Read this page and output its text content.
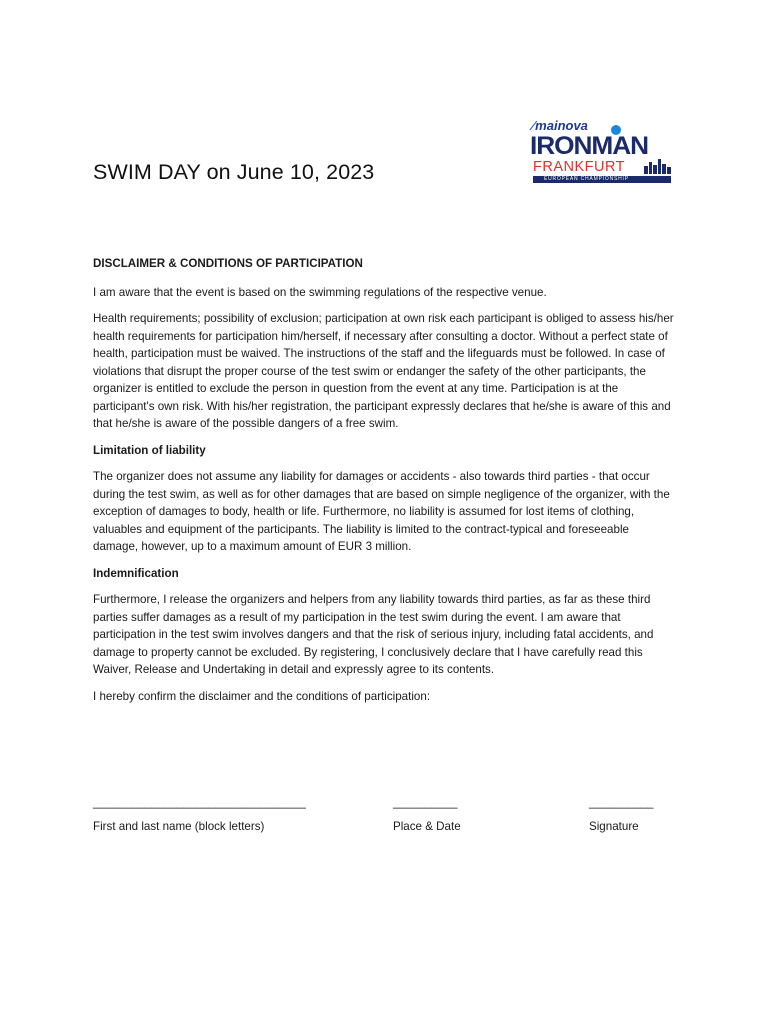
⁄mainova
IRONMAN
FRANKFURT
EUROPEAN CHAMPIONSHIP
SWIM DAY on June 10, 2023

DISCLAIMER & CONDITIONS OF PARTICIPATION

I am aware that the event is based on the swimming regulations of the respective venue.

Health requirements; possibility of exclusion; participation at own risk each participant is obliged to assess his/her health requirements for participation him/herself, if necessary after consulting a doctor. Without a perfect state of health, participation must be waived. The instructions of the staff and the lifeguards must be followed. In case of violations that disrupt the proper course of the test swim or endanger the safety of the other participants, the organizer is entitled to exclude the person in question from the event at any time. Participation is at the participant's own risk. With his/her registration, the participant expressly declares that he/she is aware of this and that he/she is aware of the possible dangers of a free swim.

Limitation of liability

The organizer does not assume any liability for damages or accidents - also towards third parties - that occur during the test swim, as well as for other damages that are based on simple negligence of the organizer, with the exception of damages to body, health or life. Furthermore, no liability is assumed for lost items of clothing, valuables and equipment of the participants. The liability is limited to the contract-typical and foreseeable damage, however, up to a maximum amount of EUR 3 million.

Indemnification

Furthermore, I release the organizers and helpers from any liability towards third parties, as far as these third parties suffer damages as a result of my participation in the test swim during the event. I am aware that participation in the test swim involves dangers and that the risk of serious injury, including fatal accidents, and damage to property cannot be excluded. By registering, I conclusively declare that I have carefully read this Waiver, Release and Undertaking in detail and expressly agree to its contents.

I hereby confirm the disclaimer and the conditions of participation:

_________________________________
First and last name (block letters)
__________
Place & Date
__________
Signature
